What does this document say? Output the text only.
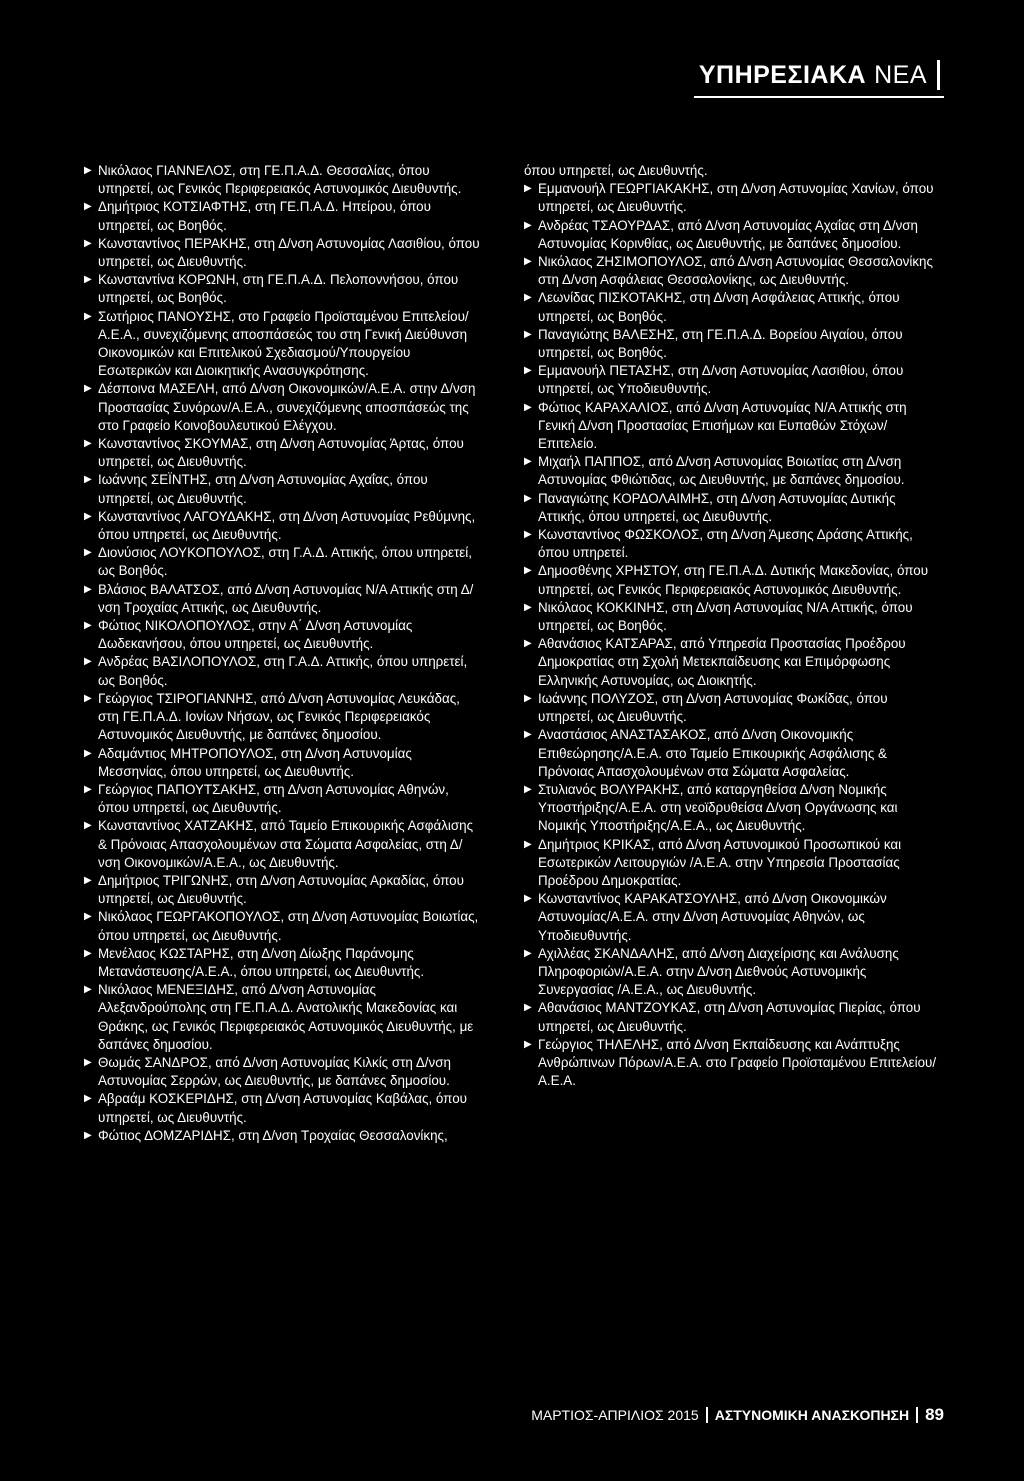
ΥΠΗΡΕΣΙΑΚΑ ΝΕΑ

▶ Νικόλαος ΓΙΑΝΝΕΛΟΣ, στη ΓΕ.Π.Α.Δ. Θεσσαλίας, όπου υπηρετεί, ως Γενικός Περιφερειακός Αστυνομικός Διευθυντής.

▶ Δημήτριος ΚΟΤΣΙΑΦΤΗΣ, στη ΓΕ.Π.Α.Δ. Ηπείρου, όπου υπηρετεί, ως Βοηθός.

▶ Κωνσταντίνος ΠΕΡΑΚΗΣ, στη Δ/νση Αστυνομίας Λασιθίου, όπου υπηρετεί, ως Διευθυντής.

▶ Κωνσταντίνα ΚΟΡΩΝΗ, στη ΓΕ.Π.Α.Δ. Πελοποννήσου, όπου υπηρετεί, ως Βοηθός.

▶ Σωτήριος ΠΑΝΟΥΣΗΣ, στο Γραφείο Προϊσταμένου Επιτελείου/Α.Ε.Α., συνεχιζόμενης αποσπάσεώς του στη Γενική Διεύθυνση Οικονομικών και Επιτελικού Σχεδιασμού/Υπουργείου Εσωτερικών και Διοικητικής Ανασυγκρότησης.

▶ Δέσποινα ΜΑΣΕΛΗ, από Δ/νση Οικονομικών/Α.Ε.Α. στην Δ/νση Προστασίας Συνόρων/Α.Ε.Α., συνεχιζόμενης αποσπάσεώς της στο Γραφείο Κοινοβουλευτικού Ελέγχου.

▶ Κωνσταντίνος ΣΚΟΥΜΑΣ, στη Δ/νση Αστυνομίας Άρτας, όπου υπηρετεί, ως Διευθυντής.

▶ Ιωάννης ΣΕΪΝΤΗΣ, στη Δ/νση Αστυνομίας Αχαΐας, όπου υπηρετεί, ως Διευθυντής.

▶ Κωνσταντίνος ΛΑΓΟΥΔΑΚΗΣ, στη Δ/νση Αστυνομίας Ρεθύμνης, όπου υπηρετεί, ως Διευθυντής.

▶ Διονύσιος ΛΟΥΚΟΠΟΥΛΟΣ, στη Γ.Α.Δ. Αττικής, όπου υπηρετεί, ως Βοηθός.

▶ Βλάσιος ΒΑΛΑΤΣΟΣ, από Δ/νση Αστυνομίας Ν/Α Αττικής στη Δ/νση Τροχαίας Αττικής, ως Διευθυντής.

▶ Φώτιος ΝΙΚΟΛΟΠΟΥΛΟΣ, στην Α΄ Δ/νση Αστυνομίας Δωδεκανήσου, όπου υπηρετεί, ως Διευθυντής.

▶ Ανδρέας ΒΑΣΙΛΟΠΟΥΛΟΣ, στη Γ.Α.Δ. Αττικής, όπου υπηρετεί, ως Βοηθός.

▶ Γεώργιος ΤΣΙΡΟΓΙΑΝΝΗΣ, από Δ/νση Αστυνομίας Λευκάδας, στη ΓΕ.Π.Α.Δ. Ιονίων Νήσων, ως Γενικός Περιφερειακός Αστυνομικός Διευθυντής, με δαπάνες δημοσίου.

▶ Αδαμάντιος ΜΗΤΡΟΠΟΥΛΟΣ, στη Δ/νση Αστυνομίας Μεσσηνίας, όπου υπηρετεί, ως Διευθυντής.

▶ Γεώργιος ΠΑΠΟΥΤΣΑΚΗΣ, στη Δ/νση Αστυνομίας Αθηνών, όπου υπηρετεί, ως Διευθυντής.

▶ Κωνσταντίνος ΧΑΤΖΑΚΗΣ, από Ταμείο Επικουρικής Ασφάλισης & Πρόνοιας Απασχολουμένων στα Σώματα Ασφαλείας, στη Δ/νση Οικονομικών/Α.Ε.Α., ως Διευθυντής.

▶ Δημήτριος ΤΡΙΓΩΝΗΣ, στη Δ/νση Αστυνομίας Αρκαδίας, όπου υπηρετεί, ως Διευθυντής.

▶ Νικόλαος ΓΕΩΡΓΑΚΟΠΟΥΛΟΣ, στη Δ/νση Αστυνομίας Βοιωτίας, όπου υπηρετεί, ως Διευθυντής.

▶ Μενέλαος ΚΩΣΤΑΡΗΣ, στη Δ/νση Δίωξης Παράνομης Μετανάστευσης/Α.Ε.Α., όπου υπηρετεί, ως Διευθυντής.

▶ Νικόλαος ΜΕΝΕΞΙΔΗΣ, από Δ/νση Αστυνομίας Αλεξανδρούπολης στη ΓΕ.Π.Α.Δ. Ανατολικής Μακεδονίας και Θράκης, ως Γενικός Περιφερειακός Αστυνομικός Διευθυντής, με δαπάνες δημοσίου.

▶ Θωμάς ΣΑΝΔΡΟΣ, από Δ/νση Αστυνομίας Κιλκίς στη Δ/νση Αστυνομίας Σερρών, ως Διευθυντής, με δαπάνες δημοσίου.

▶ Αβραάμ ΚΟΣΚΕΡΙΔΗΣ, στη Δ/νση Αστυνομίας Καβάλας, όπου υπηρετεί, ως Διευθυντής.

▶ Φώτιος ΔΟΜΖΑΡΙΔΗΣ, στη Δ/νση Τροχαίας Θεσσαλονίκης,

όπου υπηρετεί, ως Διευθυντής.

▶ Εμμανουήλ ΓΕΩΡΓΙΑΚΑΚΗΣ, στη Δ/νση Αστυνομίας Χανίων, όπου υπηρετεί, ως Διευθυντής.

▶ Ανδρέας ΤΣΑΟΥΡΔΑΣ, από Δ/νση Αστυνομίας Αχαΐας στη Δ/νση Αστυνομίας Κορινθίας, ως Διευθυντής, με δαπάνες δημοσίου.

▶ Νικόλαος ΖΗΣΙΜΟΠΟΥΛΟΣ, από Δ/νση Αστυνομίας Θεσσαλονίκης στη Δ/νση Ασφάλειας Θεσσαλονίκης, ως Διευθυντής.

▶ Λεωνίδας ΠΙΣΚΟΤΑΚΗΣ, στη Δ/νση Ασφάλειας Αττικής, όπου υπηρετεί, ως Βοηθός.

▶ Παναγιώτης ΒΑΛΕΣΗΣ, στη ΓΕ.Π.Α.Δ. Βορείου Αιγαίου, όπου υπηρετεί, ως Βοηθός.

▶ Εμμανουήλ ΠΕΤΑΣΗΣ, στη Δ/νση Αστυνομίας Λασιθίου, όπου υπηρετεί, ως Υποδιευθυντής.

▶ Φώτιος ΚΑΡΑΧΑΛΙΟΣ, από Δ/νση Αστυνομίας Ν/Α Αττικής στη Γενική Δ/νση Προστασίας Επισήμων και Ευπαθών Στόχων/Επιτελείο.

▶ Μιχαήλ ΠΑΠΠΟΣ, από Δ/νση Αστυνομίας Βοιωτίας στη Δ/νση Αστυνομίας Φθιώτιδας, ως Διευθυντής, με δαπάνες δημοσίου.

▶ Παναγιώτης ΚΟΡΔΟΛΑΙΜΗΣ, στη Δ/νση Αστυνομίας Δυτικής Αττικής, όπου υπηρετεί, ως Διευθυντής.

▶ Κωνσταντίνος ΦΩΣΚΟΛΟΣ, στη Δ/νση Άμεσης Δράσης Αττικής, όπου υπηρετεί.

▶ Δημοσθένης ΧΡΗΣΤΟΥ, στη ΓΕ.Π.Α.Δ. Δυτικής Μακεδονίας, όπου υπηρετεί, ως Γενικός Περιφερειακός Αστυνομικός Διευθυντής.

▶ Νικόλαος ΚΟΚΚΙΝΗΣ, στη Δ/νση Αστυνομίας Ν/Α Αττικής, όπου υπηρετεί, ως Βοηθός.

▶ Αθανάσιος ΚΑΤΣΑΡΑΣ, από Υπηρεσία Προστασίας Προέδρου Δημοκρατίας στη Σχολή Μετεκπαίδευσης και Επιμόρφωσης Ελληνικής Αστυνομίας, ως Διοικητής.

▶ Ιωάννης ΠΟΛΥΖΟΣ, στη Δ/νση Αστυνομίας Φωκίδας, όπου υπηρετεί, ως Διευθυντής.

▶ Αναστάσιος ΑΝΑΣΤΑΣΑΚΟΣ, από Δ/νση Οικονομικής Επιθεώρησης/Α.Ε.Α. στο Ταμείο Επικουρικής Ασφάλισης & Πρόνοιας Απασχολουμένων στα Σώματα Ασφαλείας.

▶ Στυλιανός ΒΟΛΥΡΑΚΗΣ, από καταργηθείσα Δ/νση Νομικής Υποστήριξης/Α.Ε.Α. στη νεοϊδρυθείσα Δ/νση Οργάνωσης και Νομικής Υποστήριξης/Α.Ε.Α., ως Διευθυντής.

▶ Δημήτριος ΚΡΙΚΑΣ, από Δ/νση Αστυνομικού Προσωπικού και Εσωτερικών Λειτουργιών /Α.Ε.Α. στην Υπηρεσία Προστασίας Προέδρου Δημοκρατίας.

▶ Κωνσταντίνος ΚΑΡΑΚΑΤΣΟΥΛΗΣ, από Δ/νση Οικονομικών Αστυνομίας/Α.Ε.Α. στην Δ/νση Αστυνομίας Αθηνών, ως Υποδιευθυντής.

▶ Αχιλλέας ΣΚΑΝΔΑΛΗΣ, από Δ/νση Διαχείρισης και Ανάλυσης Πληροφοριών/Α.Ε.Α. στην Δ/νση Διεθνούς Αστυνομικής Συνεργασίας /Α.Ε.Α., ως Διευθυντής.

▶ Αθανάσιος ΜΑΝΤΖΟΥΚΑΣ, στη Δ/νση Αστυνομίας Πιερίας, όπου υπηρετεί, ως Διευθυντής.

▶ Γεώργιος ΤΗΛΕΛΗΣ, από Δ/νση Εκπαίδευσης και Ανάπτυξης Ανθρώπινων Πόρων/Α.Ε.Α. στο Γραφείο Προϊσταμένου Επιτελείου/Α.Ε.Α.

ΜΑΡΤΙΟΣ-ΑΠΡΙΛΙΟΣ 2015 ΑΣΤΥΝΟΜΙΚΗ ΑΝΑΣΚΟΠΗΣΗ 89
